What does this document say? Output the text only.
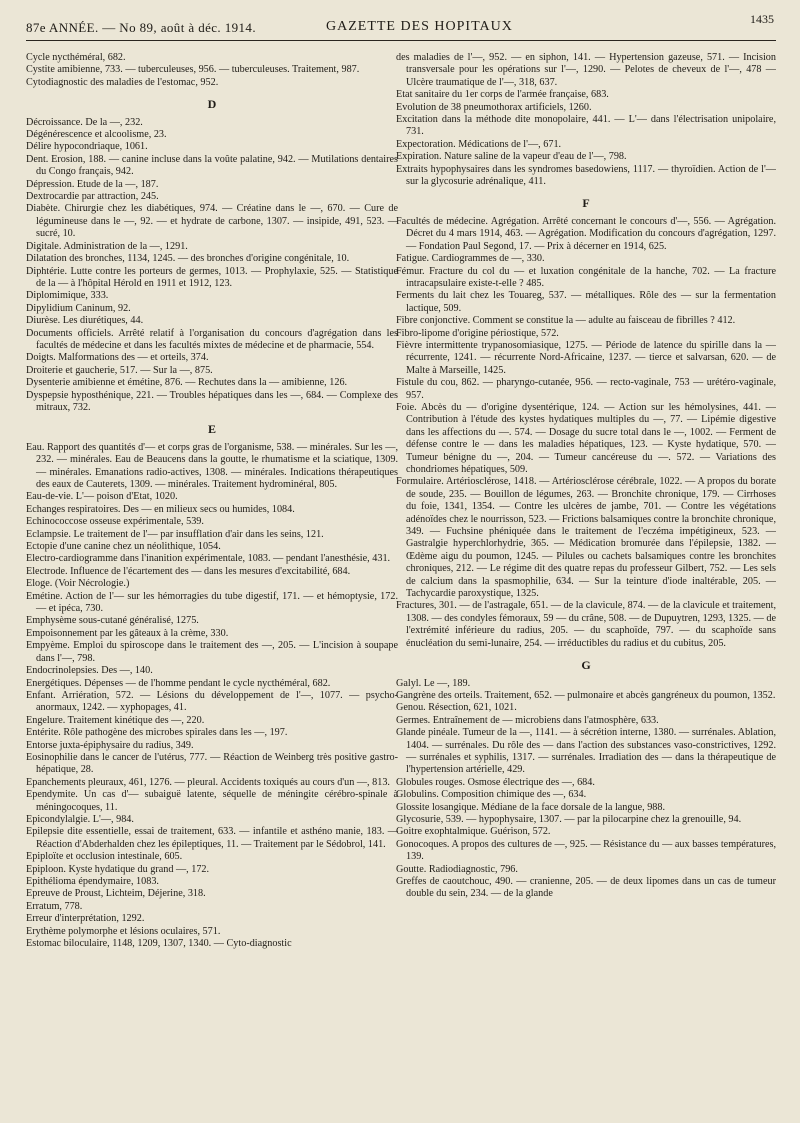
87e ANNÉE. — No 89, août à déc. 1914.	GAZETTE DES HOPITAUX	1435
Cycle nycthéméral, 682.
Cystite amibienne, 733. — tuberculeuses, 956. — tuberculeuses. Traitement, 987.
Cytodiagnostic des maladies de l'estomac, 952.
D
Décroissance. De la —, 232.
Dégénérescence et alcoolisme, 23.
Délire hypocondriaque, 1061.
Dent. Erosion, 188. — canine incluse dans la voûte palatine, 942. — Mutilations dentaires du Congo français, 942.
Dépression. Etude de la —, 187.
Dextrocardie par attraction, 245.
Diabète. Chirurgie chez les diabétiques, 974. — Créatine dans le —, 670. — Cure de légumineuse dans le —, 92. — et hydrate de carbone, 1307. — insipide, 491, 523. — sucré, 10.
Digitale. Administration de la —, 1291.
Dilatation des bronches, 1134, 1245. — des bronches d'origine congénitale, 10.
Diphtérie. Lutte contre les porteurs de germes, 1013. — Prophylaxie, 525. — Statistique de la — à l'hôpital Hérold en 1911 et 1912, 123.
Diplomimique, 333.
Dipylidium Caninum, 92.
Diurèse. Les diurétiques, 44.
Documents officiels. Arrêté relatif à l'organisation du concours d'agrégation dans les facultés de médecine et dans les facultés mixtes de médecine et de pharmacie, 554.
Doigts. Malformations des — et orteils, 374.
Droiterie et gaucherie, 517. — Sur la —, 875.
Dysenterie amibienne et émétine, 876. — Rechutes dans la — amibienne, 126.
Dyspepsie hyposthénique, 221. — Troubles hépatiques dans les —, 684. — Complexe des mitraux, 732.
E
Eau. Rapport des quantités d'— et corps gras de l'organisme, 538. — minérales. Sur les —, 232. — minérales. Eau de Beaucens dans la goutte, le rhumatisme et la sciatique, 1309. — minérales. Emanations radio-actives, 1308. — minérales. Indications thérapeutiques des eaux de Cauterets, 1309. — minérales. Traitement hydrominéral, 805.
Eau-de-vie. L'— poison d'Etat, 1020.
Echanges respiratoires. Des — en milieux secs ou humides, 1084.
Echinococcose osseuse expérimentale, 539.
Eclampsie. Le traitement de l'— par insufflation d'air dans les seins, 121.
Ectopie d'une canine chez un néolithique, 1054.
Electro-cardiogramme dans l'inanition expérimentale, 1083. — pendant l'anesthésie, 431.
Electrode. Influence de l'écartement des — dans les mesures d'excitabilité, 684.
Eloge. (Voir Nécrologie.)
Emétine. Action de l'— sur les hémorragies du tube digestif, 171. — et hémoptysie, 172. — et ipéca, 730.
Emphysème sous-cutané généralisé, 1275.
Empoisonnement par les gâteaux à la crème, 330.
Empyème. Emploi du spiroscope dans le traitement des —, 205. — L'incision à soupape dans l'—, 798.
Endocrinolepsies. Des —, 140.
Energétiques. Dépenses — de l'homme pendant le cycle nycthéméral, 682.
Enfant. Arriération, 572. — Lésions du développement de l'—, 1077. — psycho-anormaux, 1242. — xyphopages, 41.
Engelure. Traitement kinétique des —, 220.
Entérite. Rôle pathogène des microbes spirales dans les —, 197.
Entorse juxta-épiphysaire du radius, 349.
Eosinophilie dans le cancer de l'utérus, 777. — Réaction de Weinberg très positive gastro-hépatique, 28.
Epanchements pleuraux, 461, 1276. — pleural. Accidents toxiqués au cours d'un —, 813.
Ependymite. Un cas d'— subaiguë latente, séquelle de méningite cérébro-spinale à méningocoques, 11.
Epicondylalgie. L'—, 984.
Epilepsie dite essentielle, essai de traitement, 633. — infantile et asthéno manie, 183. — Réaction d'Abderhalden chez les épileptiques, 11. — Traitement par le Sédobrol, 141.
Epiploïte et occlusion intestinale, 605.
Epiploon. Kyste hydatique du grand —, 172.
Epithélioma épendymaire, 1083.
Epreuve de Proust, Lichteim, Déjerine, 318.
Erratum, 778.
Erreur d'interprétation, 1292.
Erythème polymorphe et lésions oculaires, 571.
Estomac biloculaire, 1148, 1209, 1307, 1340. — Cyto-diagnostic
des maladies de l'—, 952. — en siphon, 141. — Hypertension gazeuse, 571. — Incision transversale pour les opérations sur l'—, 1290. — Pelotes de cheveux de l'—, 478 — Ulcère traumatique de l'—, 318, 637.
Etat sanitaire du 1er corps de l'armée française, 683.
Evolution de 38 pneumothorax artificiels, 1260.
Excitation dans la méthode dite monopolaire, 441. — L'— dans l'électrisation unipolaire, 731.
Expectoration. Médications de l'—, 671.
Expiration. Nature saline de la vapeur d'eau de l'—, 798.
Extraits hypophysaires dans les syndromes basedowiens, 1117. — thyroïdien. Action de l'— sur la glycosurie adrénalique, 411.
F
Facultés de médecine. Agrégation. Arrêté concernant le concours d'—, 556. — Agrégation. Décret du 4 mars 1914, 463. — Agrégation. Modification du concours d'agrégation, 1297. — Fondation Paul Segond, 17. — Prix à décerner en 1914, 625.
Fatigue. Cardiogrammes de —, 330.
Fémur. Fracture du col du — et luxation congénitale de la hanche, 702. — La fracture intracapsulaire existe-t-elle ? 485.
Ferments du lait chez les Touareg, 537. — métalliques. Rôle des — sur la fermentation lactique, 509.
Fibre conjonctive. Comment se constitue la — adulte au faisceau de fibrilles ? 412.
Fibro-lipome d'origine périostique, 572.
Fièvre intermittente trypanosomiasique, 1275. — Période de latence du spirille dans la — récurrente, 1241. — récurrente Nord-Africaine, 1237. — tierce et salvarsan, 620. — de Malte à Marseille, 1425.
Fistule du cou, 862. — pharyngo-cutanée, 956. — recto-vaginale, 753 — urétéro-vaginale, 957.
Foie. Abcès du — d'origine dysentérique, 124. — Action sur les hémolysines, 441. — Contribution à l'étude des kystes hydatiques multiples du —, 77. — Lipémie digestive dans les affections du —. 574. — Dosage du sucre total dans le —, 1002. — Ferment de défense contre le — dans les maladies hépatiques, 123. — Kyste hydatique, 570. — Tumeur bénigne du —, 204. — Tumeur cancéreuse du —. 572. — Variations des chondriomes hépatiques, 509.
Formulaire. Artériosclérose, 1418. — Artériosclérose cérébrale, 1022. — A propos du borate de soude, 235. — Bouillon de légumes, 263. — Bronchite chronique, 179. — Cirrhoses du foie, 1341, 1354. — Contre les ulcères de jambe, 701. — Contre les végétations adénoïdes chez le nourrisson, 523. — Frictions balsamiques contre la bronchite chronique, 349. — Fuchsine phéniquée dans le traitement de l'eczéma impétigineux, 523. — Gastralgie hyperchlorhydrie, 365. — Médication bromurée dans l'épilepsie, 1382. — Œdème aigu du poumon, 1245. — Pilules ou cachets balsamiques contre les bronchites chroniques, 212. — Le régime dit des quatre repas du professeur Gilbert, 752. — Les sels de calcium dans la spasmophilie, 634. — Sur la teinture d'iode inaltérable, 205. — Tachycardie paroxystique, 1325.
Fractures, 301. — de l'astragale, 651. — de la clavicule, 874. — de la clavicule et traitement, 1308. — des condyles fémoraux, 59 — du crâne, 508. — de Dupuytren, 1293, 1325. — de l'extrémité inférieure du radius, 205. — du scaphoïde, 797. — du scaphoïde sans énucléation du semi-lunaire, 254. — irréductibles du radius et du cubitus, 205.
G
Galyl. Le —, 189.
Gangrène des orteils. Traitement, 652. — pulmonaire et abcès gangréneux du poumon, 1352.
Genou. Résection, 621, 1021.
Germes. Entraînement de — microbiens dans l'atmosphère, 633.
Glande pinéale. Tumeur de la —, 1141. — à sécrétion interne, 1380. — surrénales. Ablation, 1404. — surrénales. Du rôle des — dans l'action des substances vaso-constrictives, 1292. — surrénales et syphilis, 1317. — surrénales. Irradiation des — dans la thérapeutique de l'hypertension artérielle, 429.
Globules rouges. Osmose électrique des —, 684.
Globulins. Composition chimique des —, 634.
Glossite losangique. Médiane de la face dorsale de la langue, 988.
Glycosurie, 539. — hypophysaire, 1307. — par la pilocarpine chez la grenouille, 94.
Goitre exophtalmique. Guérison, 572.
Gonocoques. A propos des cultures de —, 925. — Résistance du — aux basses températures, 139.
Goutte. Radiodiagnostic, 796.
Greffes de caoutchouc, 490. — cranienne, 205. — de deux lipomes dans un cas de tumeur double du sein, 234. — de la glande
